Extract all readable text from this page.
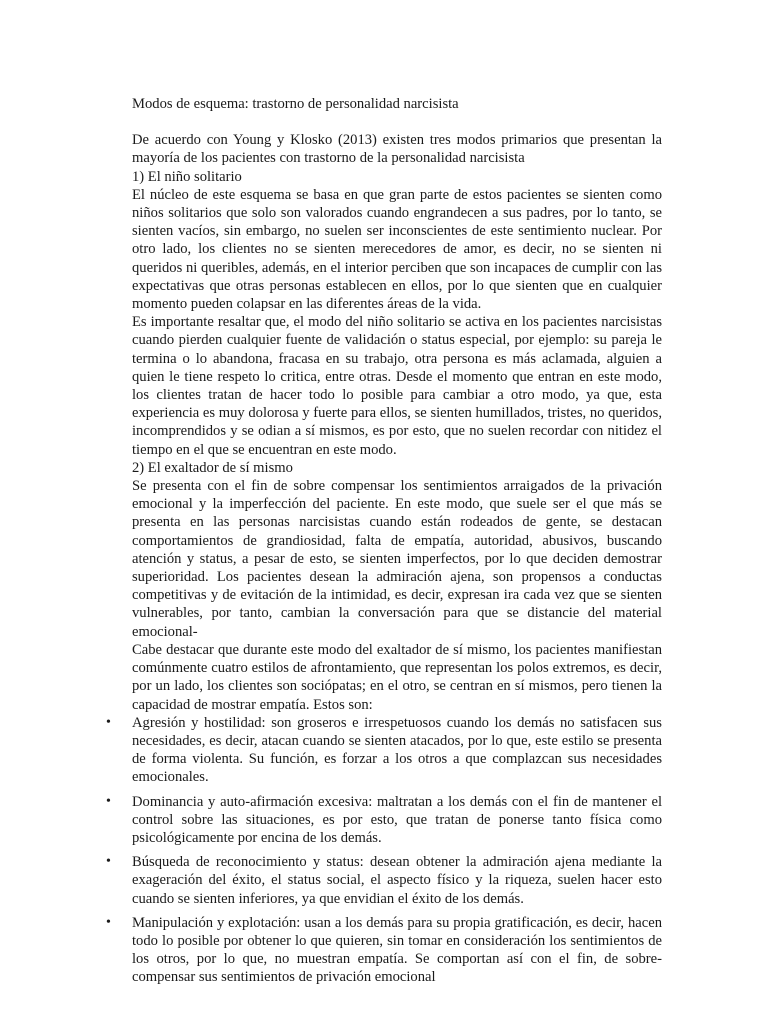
Modos de esquema: trastorno de personalidad narcisista

De acuerdo con Young y Klosko (2013) existen tres modos primarios que presentan la mayoría de los pacientes con trastorno de la personalidad narcisista

1) El niño solitario

El núcleo de este esquema se basa en que gran parte de estos pacientes se sienten como niños solitarios que solo son valorados cuando engrandecen a sus padres, por lo tanto, se sienten vacíos, sin embargo, no suelen ser inconscientes de este sentimiento nuclear. Por otro lado, los clientes no se sienten merecedores de amor, es decir, no se sienten ni queridos ni queribles, además, en el interior perciben que son incapaces de cumplir con las expectativas que otras personas establecen en ellos, por lo que sienten que en cualquier momento pueden colapsar en las diferentes áreas de la vida.

Es importante resaltar que, el modo del niño solitario se activa en los pacientes narcisistas cuando pierden cualquier fuente de validación o status especial, por ejemplo: su pareja le termina o lo abandona, fracasa en su trabajo, otra persona es más aclamada, alguien a quien le tiene respeto lo critica, entre otras. Desde el momento que entran en este modo, los clientes tratan de hacer todo lo posible para cambiar a otro modo, ya que, esta experiencia es muy dolorosa y fuerte para ellos, se sienten humillados, tristes, no queridos, incomprendidos y se odian a sí mismos, es por esto, que no suelen recordar con nitidez el tiempo en el que se encuentran en este modo.

2) El exaltador de sí mismo

Se presenta con el fin de sobre compensar los sentimientos arraigados de la privación emocional y la imperfección del paciente. En este modo, que suele ser el que más se presenta en las personas narcisistas cuando están rodeados de gente, se destacan comportamientos de grandiosidad, falta de empatía, autoridad, abusivos, buscando atención y status, a pesar de esto, se sienten imperfectos, por lo que deciden demostrar superioridad. Los pacientes desean la admiración ajena, son propensos a conductas competitivas y de evitación de la intimidad, es decir, expresan ira cada vez que se sienten vulnerables, por tanto, cambian la conversación para que se distancie del material emocional-

Cabe destacar que durante este modo del exaltador de sí mismo, los pacientes manifiestan comúnmente cuatro estilos de afrontamiento, que representan los polos extremos, es decir, por un lado, los clientes son sociópatas; en el otro, se centran en sí mismos, pero tienen la capacidad de mostrar empatía. Estos son:

• Agresión y hostilidad: son groseros e irrespetuosos cuando los demás no satisfacen sus necesidades, es decir, atacan cuando se sienten atacados, por lo que, este estilo se presenta de forma violenta. Su función, es forzar a los otros a que complazcan sus necesidades emocionales.
• Dominancia y auto-afirmación excesiva: maltratan a los demás con el fin de mantener el control sobre las situaciones, es por esto, que tratan de ponerse tanto física como psicológicamente por encina de los demás.
• Búsqueda de reconocimiento y status: desean obtener la admiración ajena mediante la exageración del éxito, el status social, el aspecto físico y la riqueza, suelen hacer esto cuando se sienten inferiores, ya que envidian el éxito de los demás.
• Manipulación y explotación: usan a los demás para su propia gratificación, es decir, hacen todo lo posible por obtener lo que quieren, sin tomar en consideración los sentimientos de los otros, por lo que, no muestran empatía. Se comportan así con el fin, de sobre-compensar sus sentimientos de privación emocional
